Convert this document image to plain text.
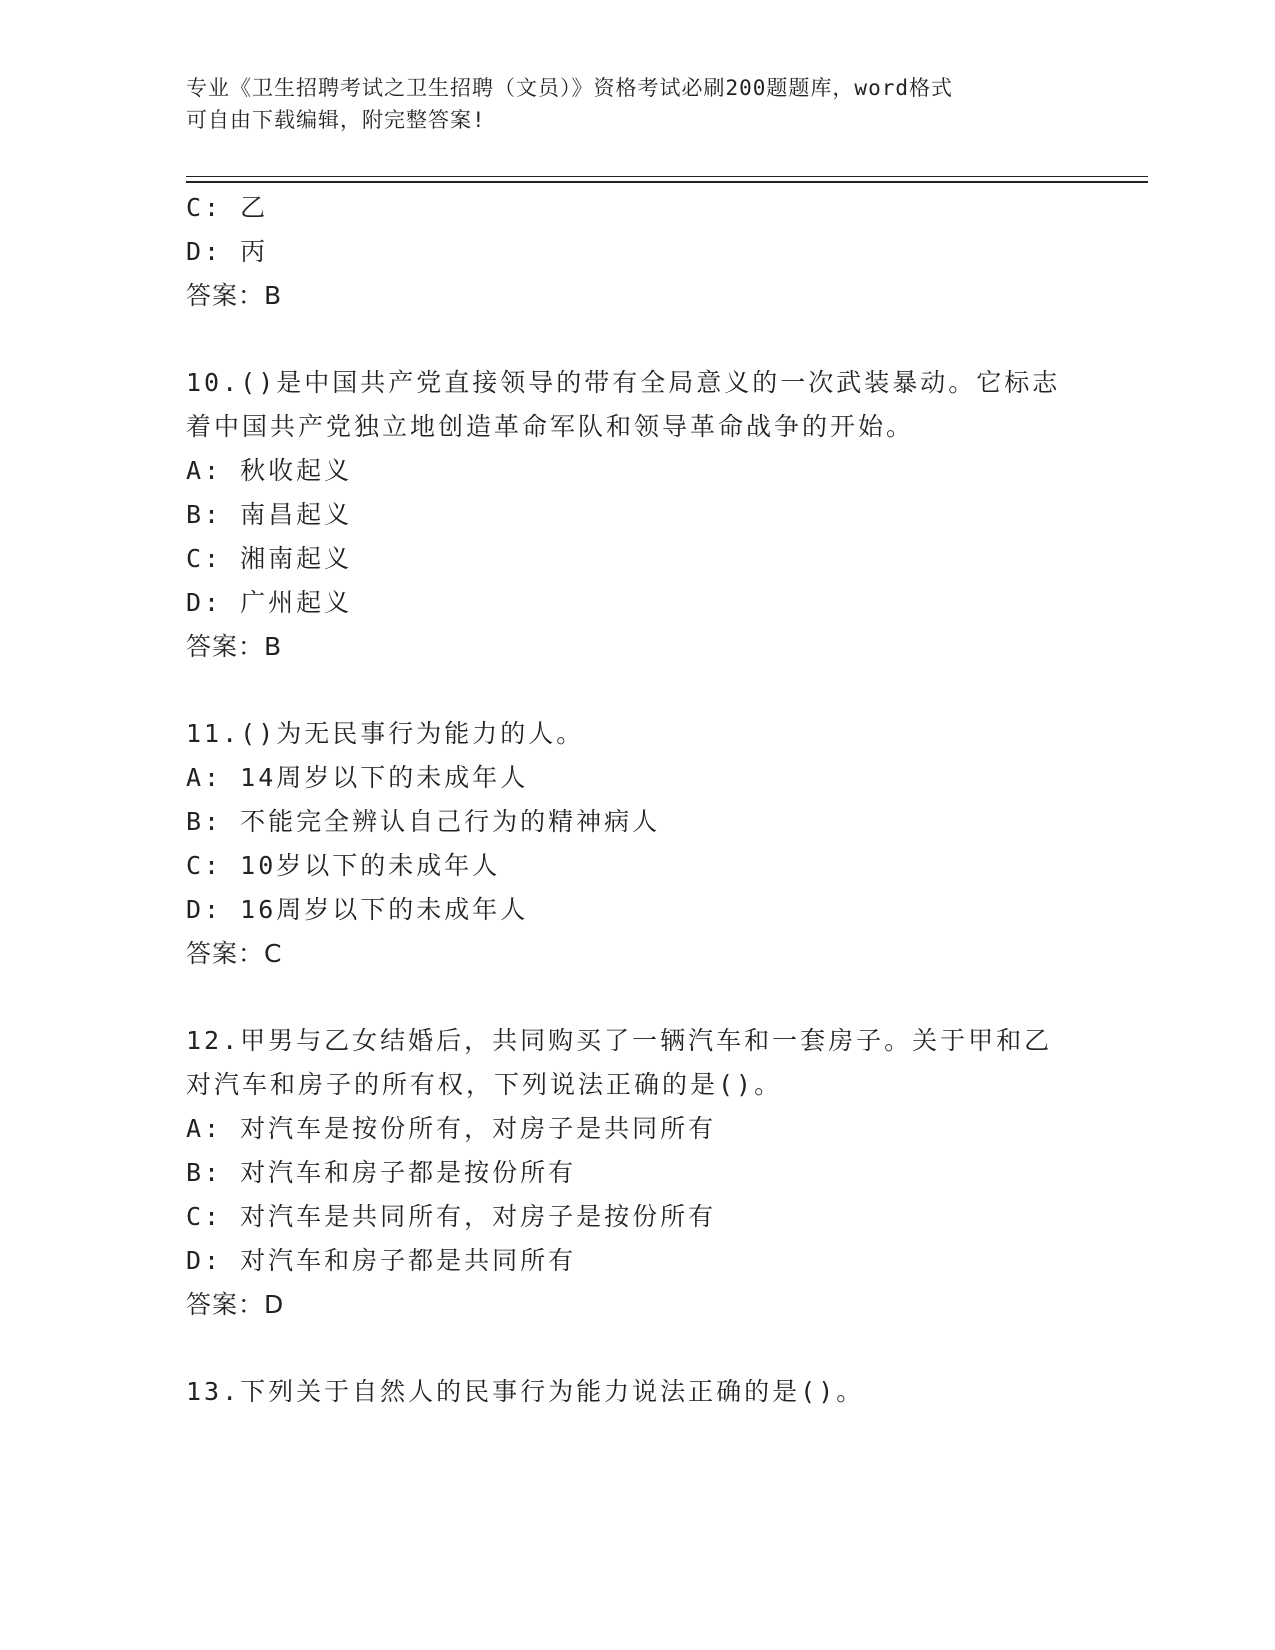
专业《卫生招聘考试之卫生招聘（文员）》资格考试必刷200题题库，word格式
可自由下载编辑，附完整答案!
C: 乙
D: 丙
答案：B
10.()是中国共产党直接领导的带有全局意义的一次武装暴动。它标志
着中国共产党独立地创造革命军队和领导革命战争的开始。
A: 秋收起义
B: 南昌起义
C: 湘南起义
D: 广州起义
答案：B
11.()为无民事行为能力的人。
A: 14周岁以下的未成年人
B: 不能完全辨认自己行为的精神病人
C: 10岁以下的未成年人
D: 16周岁以下的未成年人
答案：C
12.甲男与乙女结婚后，共同购买了一辆汽车和一套房子。关于甲和乙
对汽车和房子的所有权，下列说法正确的是()。
A: 对汽车是按份所有，对房子是共同所有
B: 对汽车和房子都是按份所有
C: 对汽车是共同所有，对房子是按份所有
D: 对汽车和房子都是共同所有
答案：D
13.下列关于自然人的民事行为能力说法正确的是()。
